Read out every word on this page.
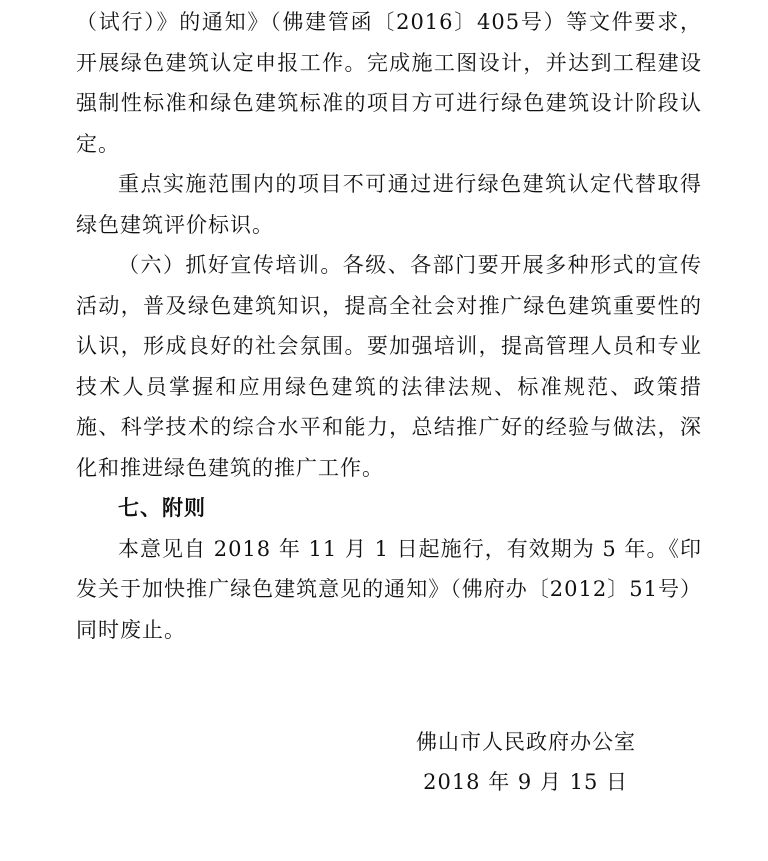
（试行）》的通知》（佛建管函〔2016〕405号）等文件要求，开展绿色建筑认定申报工作。完成施工图设计，并达到工程建设强制性标准和绿色建筑标准的项目方可进行绿色建筑设计阶段认定。

重点实施范围内的项目不可通过进行绿色建筑认定代替取得绿色建筑评价标识。

（六）抓好宣传培训。各级、各部门要开展多种形式的宣传活动，普及绿色建筑知识，提高全社会对推广绿色建筑重要性的认识，形成良好的社会氛围。要加强培训，提高管理人员和专业技术人员掌握和应用绿色建筑的法律法规、标准规范、政策措施、科学技术的综合水平和能力，总结推广好的经验与做法，深化和推进绿色建筑的推广工作。

七、附则

本意见自 2018 年 11 月 1 日起施行，有效期为 5 年。《印发关于加快推广绿色建筑意见的通知》（佛府办〔2012〕51号）同时废止。

佛山市人民政府办公室

2018 年 9 月 15 日
